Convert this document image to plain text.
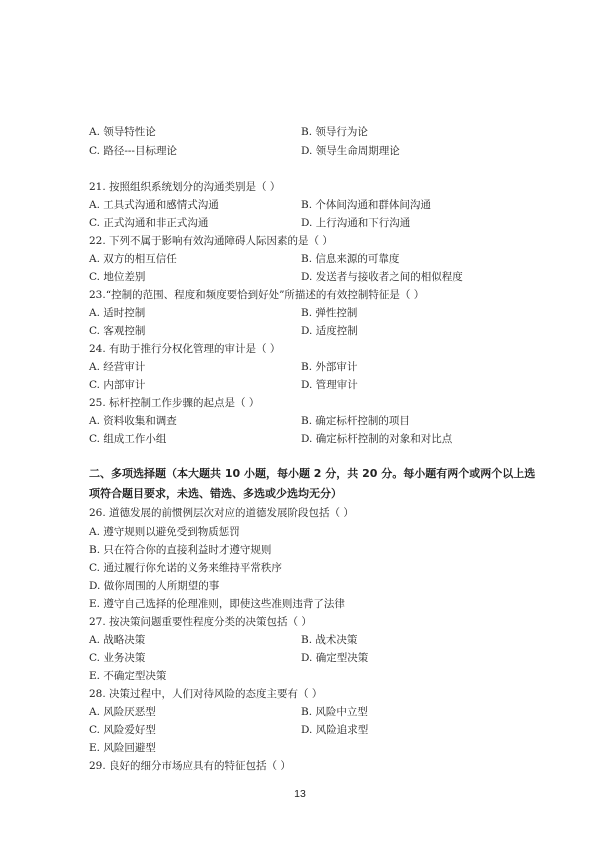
A. 领导特性论	B. 领导行为论
C. 路径---目标理论	D. 领导生命周期理论
21. 按照组织系统划分的沟通类别是（ ）
A. 工具式沟通和感情式沟通	B. 个体间沟通和群体间沟通
C. 正式沟通和非正式沟通	D. 上行沟通和下行沟通
22. 下列不属于影响有效沟通障碍人际因素的是（ ）
A. 双方的相互信任	B. 信息来源的可靠度
C. 地位差别	D. 发送者与接收者之间的相似程度
23.“控制的范围、程度和频度要恰到好处”所描述的有效控制特征是（ ）
A. 适时控制	B. 弹性控制
C. 客观控制	D. 适度控制
24. 有助于推行分权化管理的审计是（ ）
A. 经营审计	B. 外部审计
C. 内部审计	D. 管理审计
25. 标杆控制工作步骤的起点是（ ）
A. 资料收集和调查	B. 确定标杆控制的项目
C. 组成工作小组	D. 确定标杆控制的对象和对比点
二、多项选择题（本大题共 10 小题，每小题 2 分，共 20 分。每小题有两个或两个以上选
项符合题目要求，未选、错选、多选或少选均无分）
26. 道德发展的前惯例层次对应的道德发展阶段包括（ ）
A. 遵守规则以避免受到物质惩罚
B. 只在符合你的直接利益时才遵守规则
C. 通过履行你允诺的义务来维持平常秩序
D. 做你周围的人所期望的事
E. 遵守自己选择的伦理准则，即使这些准则违背了法律
27. 按决策问题重要性程度分类的决策包括（ ）
A. 战略决策	B. 战术决策
C. 业务决策	D. 确定型决策
E. 不确定型决策
28. 决策过程中，人们对待风险的态度主要有（ ）
A. 风险厌恶型	B. 风险中立型
C. 风险爱好型	D. 风险追求型
E. 风险回避型
29. 良好的细分市场应具有的特征包括（ ）
13
